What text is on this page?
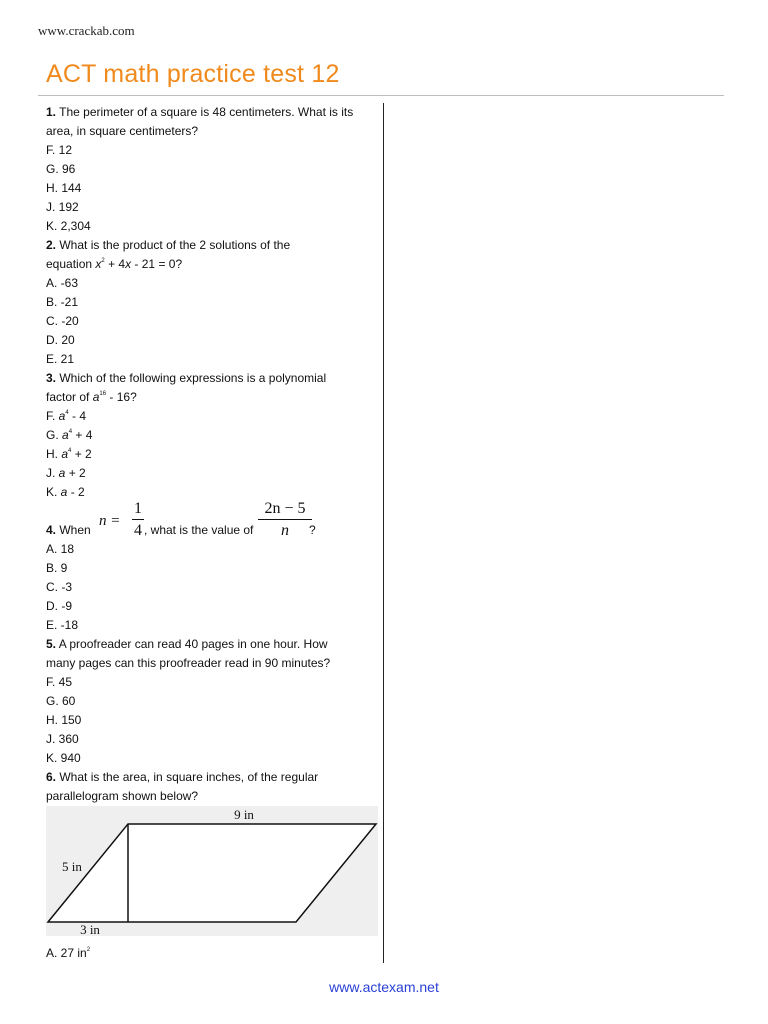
www.crackab.com
ACT math practice test 12
1. The perimeter of a square is 48 centimeters. What is its
area, in square centimeters?
F. 12
G. 96
H. 144
J. 192
K. 2,304
2. What is the product of the 2 solutions of the
equation $x^2 + 4x - 21 = 0$?
A. -63
B. -21
C. -20
D. 20
E. 21
3. Which of the following expressions is a polynomial
factor of $a^{16} - 16$?
F. $a^4 - 4$
G. $a^4 + 4$
H. $a^4 + 2$
J. a + 2
K. a - 2
4. When
n =
1
4 , what is the value of
2n − 5
n	?
A. 18
B. 9
C. -3
D. -9
E. -18
5. A proofreader can read 40 pages in one hour. How
many pages can this proofreader read in 90 minutes?
F. 45
G. 60
H. 150
J. 360
K. 940
6. What is the area, in square inches, of the regular
parallelogram shown below?
9 in
5 in
3 in
A. 27 $in^2$
www.actexam.net
